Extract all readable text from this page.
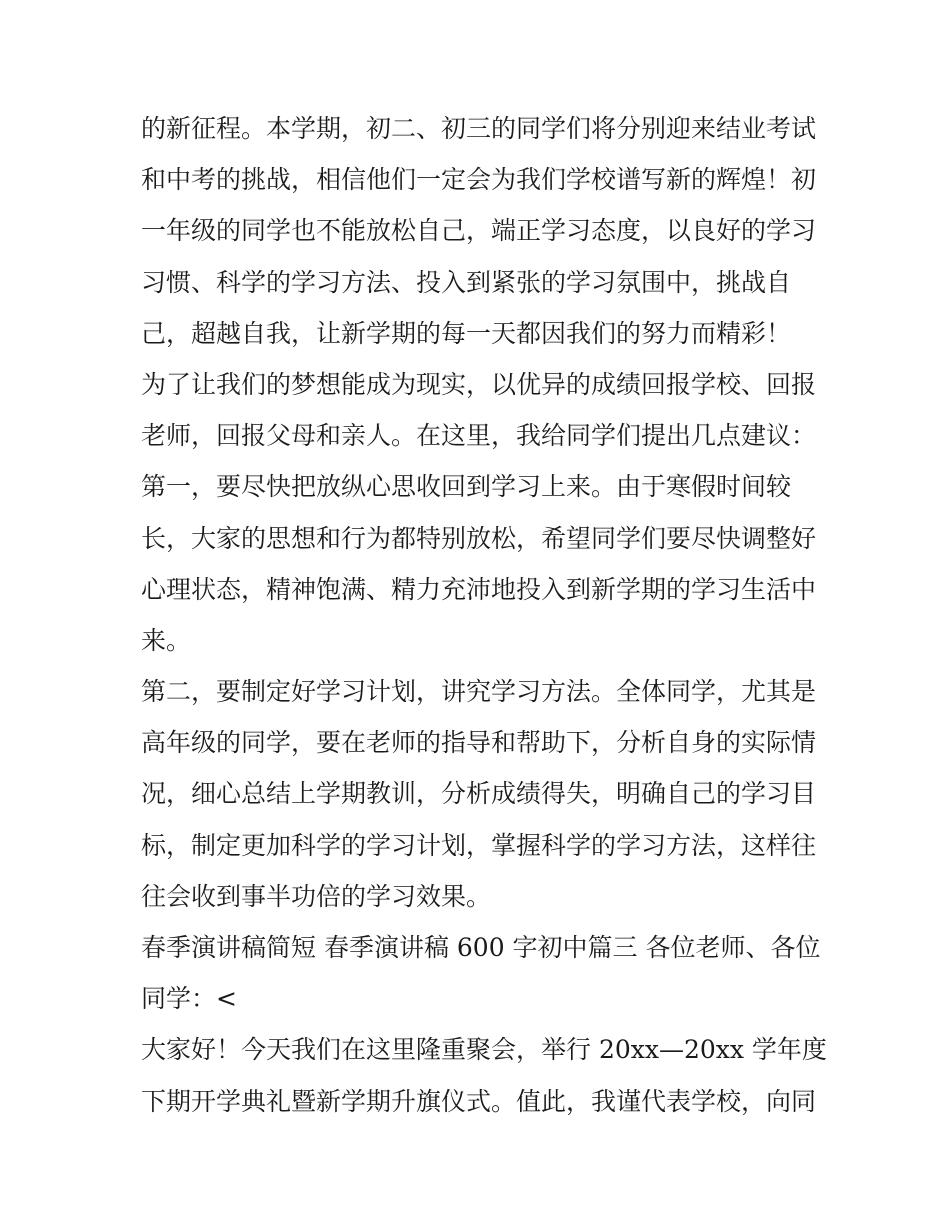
的新征程。本学期，初二、初三的同学们将分别迎来结业考试
和中考的挑战，相信他们一定会为我们学校谱写新的辉煌！初
一年级的同学也不能放松自己，端正学习态度，以良好的学习
习惯、科学的学习方法、投入到紧张的学习氛围中，挑战自
己，超越自我，让新学期的每一天都因我们的努力而精彩！
为了让我们的梦想能成为现实，以优异的成绩回报学校、回报
老师，回报父母和亲人。在这里，我给同学们提出几点建议：
第一，要尽快把放纵心思收回到学习上来。由于寒假时间较
长，大家的思想和行为都特别放松，希望同学们要尽快调整好
心理状态，精神饱满、精力充沛地投入到新学期的学习生活中
来。
第二，要制定好学习计划，讲究学习方法。全体同学，尤其是
高年级的同学，要在老师的指导和帮助下，分析自身的实际情
况，细心总结上学期教训，分析成绩得失，明确自己的学习目
标，制定更加科学的学习计划，掌握科学的学习方法，这样往
往会收到事半功倍的学习效果。
春季演讲稿简短 春季演讲稿 600 字初中篇三 各位老师、各位
同学：<
大家好！今天我们在这里隆重聚会，举行 20xx—20xx 学年度
下期开学典礼暨新学期升旗仪式。值此，我谨代表学校，向同
